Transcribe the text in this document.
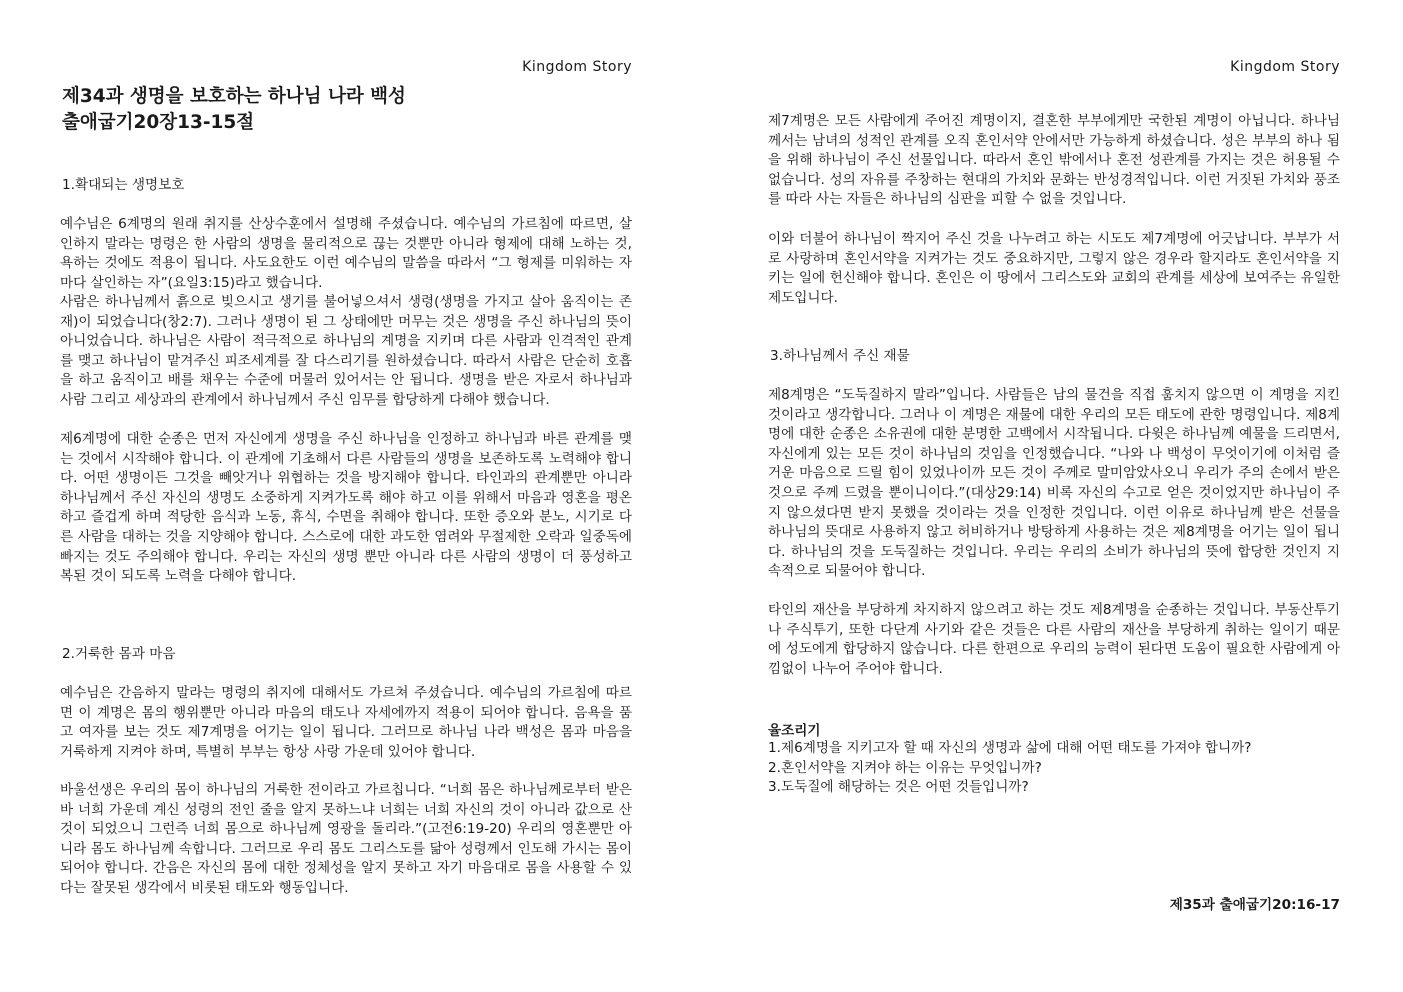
Kingdom Story
제34과 생명을 보호하는 하나님 나라 백성
출애굽기20장13-15절
1.확대되는 생명보호

예수님은 6계명의 원래 취지를 산상수훈에서 설명해 주셨습니다. 예수님의 가르침에 따르면, 살인하지 말라는 명령은 한 사람의 생명을 물리적으로 끊는 것뿐만 아니라 형제에 대해 노하는 것, 욕하는 것에도 적용이 됩니다. 사도요한도 이런 예수님의 말씀을 따라서 “그 형제를 미워하는 자마다 살인하는 자”(요일3:15)라고 했습니다.

사람은 하나님께서 흙으로 빚으시고 생기를 불어넣으셔서 생령(생명을 가지고 살아 움직이는 존재)이 되었습니다(창2:7). 그러나 생명이 된 그 상태에만 머무는 것은 생명을 주신 하나님의 뜻이 아니었습니다. 하나님은 사람이 적극적으로 하나님의 계명을 지키며 다른 사람과 인격적인 관계를 맺고 하나님이 맡겨주신 피조세계를 잘 다스리기를 원하셨습니다. 따라서 사람은 단순히 호흡을 하고 움직이고 배를 채우는 수준에 머물러 있어서는 안 됩니다. 생명을 받은 자로서 하나님과 사람 그리고 세상과의 관계에서 하나님께서 주신 임무를 합당하게 다해야 했습니다.

제6계명에 대한 순종은 먼저 자신에게 생명을 주신 하나님을 인정하고 하나님과 바른 관계를 맺는 것에서 시작해야 합니다. 이 관계에 기초해서 다른 사람들의 생명을 보존하도록 노력해야 합니다. 어떤 생명이든 그것을 빼앗거나 위협하는 것을 방지해야 합니다. 타인과의 관계뿐만 아니라 하나님께서 주신 자신의 생명도 소중하게 지켜가도록 해야 하고 이를 위해서 마음과 영혼을 평온하고 즐겁게 하며 적당한 음식과 노동, 휴식, 수면을 취해야 합니다. 또한 증오와 분노, 시기로 다른 사람을 대하는 것을 지양해야 합니다. 스스로에 대한 과도한 염려와 무절제한 오락과 일중독에 빠지는 것도 주의해야 합니다. 우리는 자신의 생명 뿐만 아니라 다른 사람의 생명이 더 풍성하고 복된 것이 되도록 노력을 다해야 합니다.

2.거룩한 몸과 마음

예수님은 간음하지 말라는 명령의 취지에 대해서도 가르쳐 주셨습니다. 예수님의 가르침에 따르면 이 계명은 몸의 행위뿐만 아니라 마음의 태도나 자세에까지 적용이 되어야 합니다. 음욕을 품고 여자를 보는 것도 제7계명을 어기는 일이 됩니다. 그러므로 하나님 나라 백성은 몸과 마음을 거룩하게 지켜야 하며, 특별히 부부는 항상 사랑 가운데 있어야 합니다.

바울선생은 우리의 몸이 하나님의 거룩한 전이라고 가르칩니다. “너희 몸은 하나님께로부터 받은 바 너희 가운데 계신 성령의 전인 줄을 알지 못하느냐 너희는 너희 자신의 것이 아니라 값으로 산 것이 되었으니 그런즉 너희 몸으로 하나님께 영광을 돌리라.”(고전6:19-20) 우리의 영혼뿐만 아니라 몸도 하나님께 속합니다. 그러므로 우리 몸도 그리스도를 닮아 성령께서 인도해 가시는 몸이 되어야 합니다. 간음은 자신의 몸에 대한 정체성을 알지 못하고 자기 마음대로 몸을 사용할 수 있다는 잘못된 생각에서 비롯된 태도와 행동입니다.

Kingdom Story

제7계명은 모든 사람에게 주어진 계명이지, 결혼한 부부에게만 국한된 계명이 아닙니다. 하나님께서는 남녀의 성적인 관계를 오직 혼인서약 안에서만 가능하게 하셨습니다. 성은 부부의 하나 됨을 위해 하나님이 주신 선물입니다. 따라서 혼인 밖에서나 혼전 성관계를 가지는 것은 허용될 수 없습니다. 성의 자유를 주창하는 현대의 가치와 문화는 반성경적입니다. 이런 거짓된 가치와 풍조를 따라 사는 자들은 하나님의 심판을 피할 수 없을 것입니다.

이와 더불어 하나님이 짝지어 주신 것을 나누려고 하는 시도도 제7계명에 어긋납니다. 부부가 서로 사랑하며 혼인서약을 지켜가는 것도 중요하지만, 그렇지 않은 경우라 할지라도 혼인서약을 지키는 일에 헌신해야 합니다. 혼인은 이 땅에서 그리스도와 교회의 관계를 세상에 보여주는 유일한 제도입니다.

3.하나님께서 주신 재물

제8계명은 “도둑질하지 말라”입니다. 사람들은 남의 물건을 직접 훔치지 않으면 이 계명을 지킨 것이라고 생각합니다. 그러나 이 계명은 재물에 대한 우리의 모든 태도에 관한 명령입니다. 제8계명에 대한 순종은 소유권에 대한 분명한 고백에서 시작됩니다. 다윗은 하나님께 예물을 드리면서, 자신에게 있는 모든 것이 하나님의 것임을 인정했습니다. “나와 나 백성이 무엇이기에 이처럼 즐거운 마음으로 드릴 힘이 있었나이까 모든 것이 주께로 말미암았사오니 우리가 주의 손에서 받은 것으로 주께 드렸을 뿐이니이다.”(대상29:14) 비록 자신의 수고로 얻은 것이었지만 하나님이 주지 않으셨다면 받지 못했을 것이라는 것을 인정한 것입니다. 이런 이유로 하나님께 받은 선물을 하나님의 뜻대로 사용하지 않고 허비하거나 방탕하게 사용하는 것은 제8계명을 어기는 일이 됩니다. 하나님의 것을 도둑질하는 것입니다. 우리는 우리의 소비가 하나님의 뜻에 합당한 것인지 지속적으로 되물어야 합니다.

타인의 재산을 부당하게 차지하지 않으려고 하는 것도 제8계명을 순종하는 것입니다. 부동산투기나 주식투기, 또한 다단계 사기와 같은 것들은 다른 사람의 재산을 부당하게 취하는 일이기 때문에 성도에게 합당하지 않습니다. 다른 한편으로 우리의 능력이 된다면 도움이 필요한 사람에게 아낌없이 나누어 주어야 합니다.

율조리기
1.제6계명을 지키고자 할 때 자신의 생명과 삶에 대해 어떤 태도를 가져야 합니까?
2.혼인서약을 지켜야 하는 이유는 무엇입니까?
3.도둑질에 해당하는 것은 어떤 것들입니까?
제35과 출애굽기20:16-17
